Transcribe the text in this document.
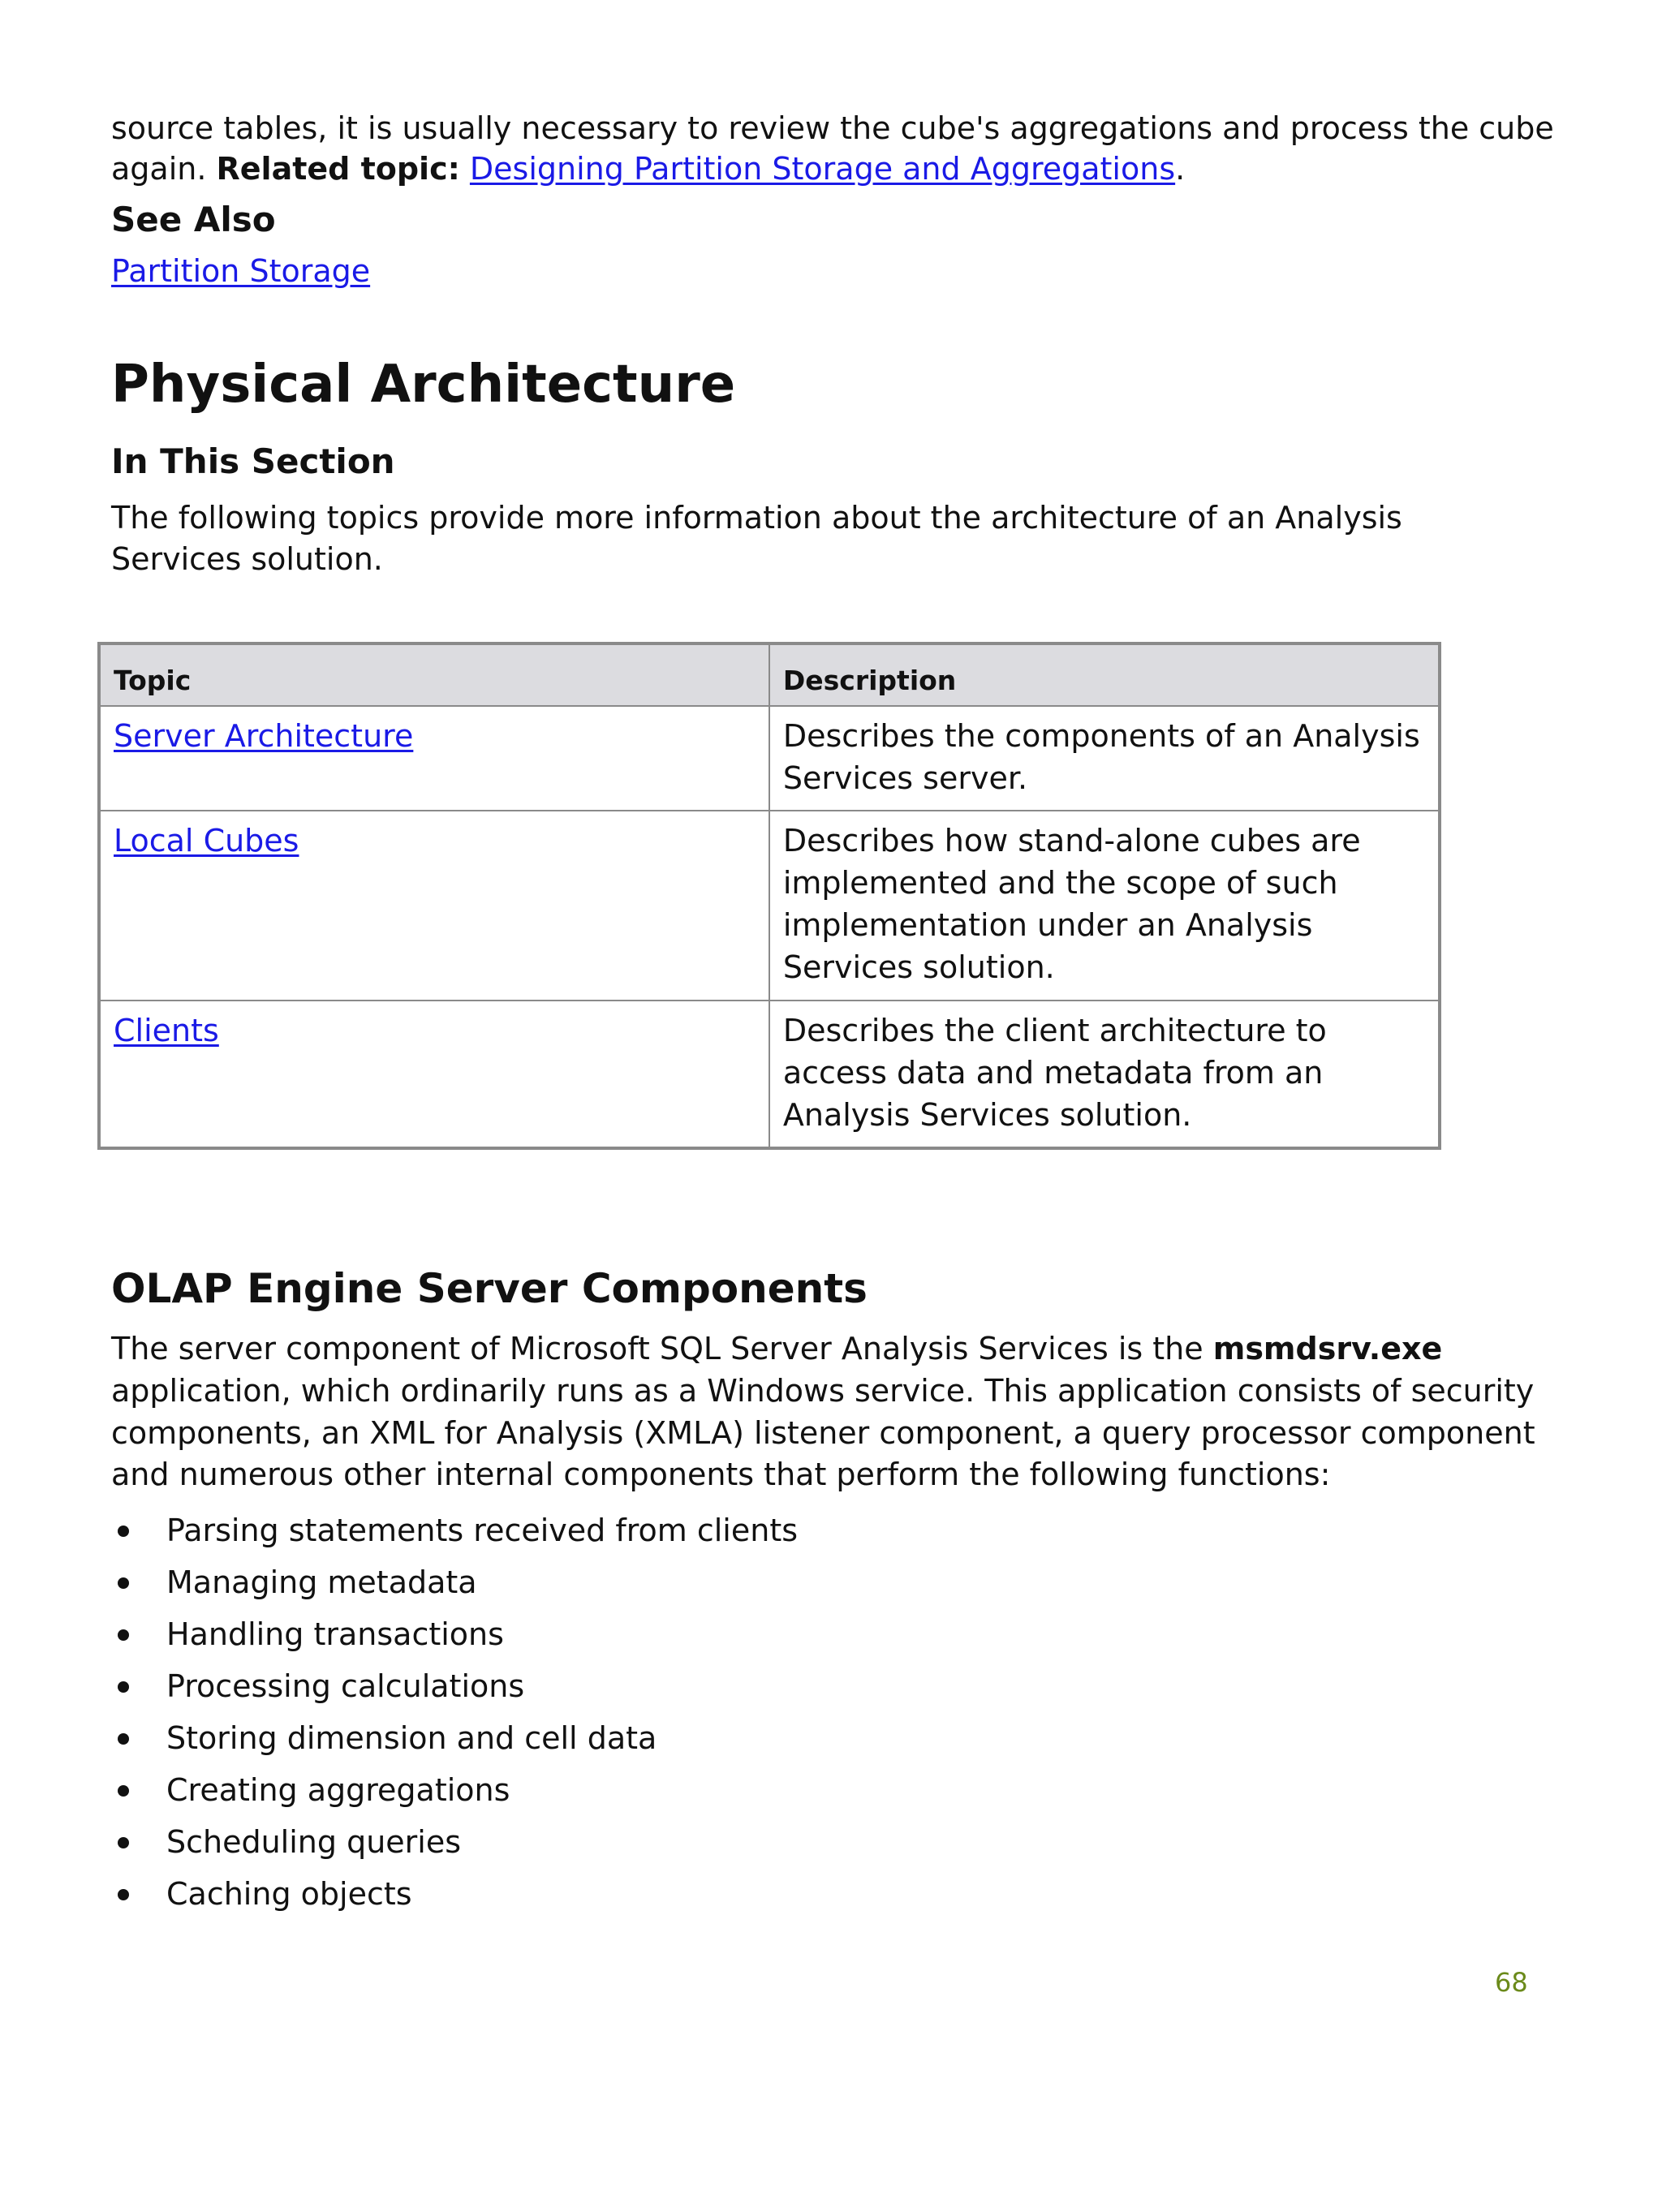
source tables, it is usually necessary to review the cube's aggregations and process the cube
again. Related topic: Designing Partition Storage and Aggregations.
See Also
Partition Storage
Physical Architecture
In This Section
The following topics provide more information about the architecture of an Analysis
Services solution.
Topic	Description
Server Architecture	Describes the components of an Analysis Services server.
Local Cubes	Describes how stand-alone cubes are implemented and the scope of such implementation under an Analysis Services solution.
Clients	Describes the client architecture to access data and metadata from an Analysis Services solution.
OLAP Engine Server Components
The server component of Microsoft SQL Server Analysis Services is the msmdsrv.exe
application, which ordinarily runs as a Windows service. This application consists of security
components, an XML for Analysis (XMLA) listener component, a query processor component
and numerous other internal components that perform the following functions:
Parsing statements received from clients
Managing metadata
Handling transactions
Processing calculations
Storing dimension and cell data
Creating aggregations
Scheduling queries
Caching objects
68
